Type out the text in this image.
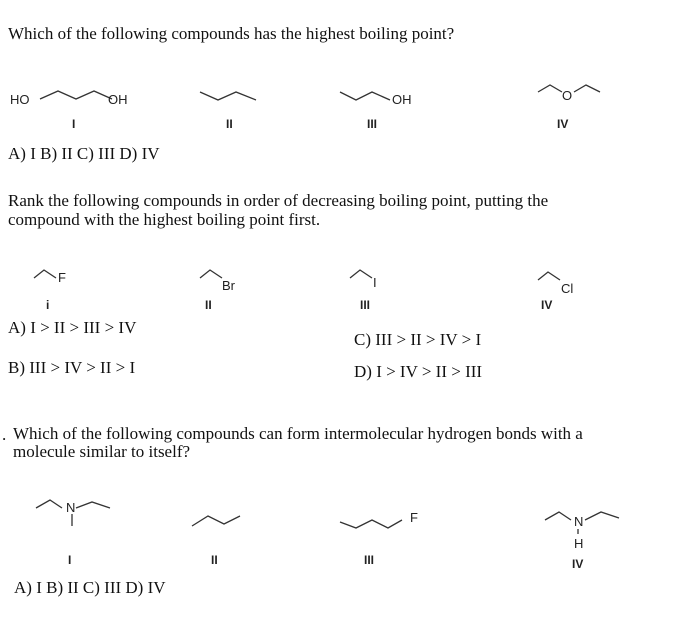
Which of the following compounds has the highest boiling point?
HO	OH
I	II
OH
III
O
IV
A) I B) II C) III D) IV
Rank the following compounds in order of decreasing boiling point, putting the
compound with the highest boiling point first.
F
i
Br
II
I
III
Cl
IV
A) I > II > III > IV
B) III > IV > II > I
C) III > II > IV > I
D) I > IV > II > III
. Which of the following compounds can form intermolecular hydrogen bonds with a
molecule similar to itself?
N
I	II
F
III
N
H
IV
A) I B) II C) III D) IV
